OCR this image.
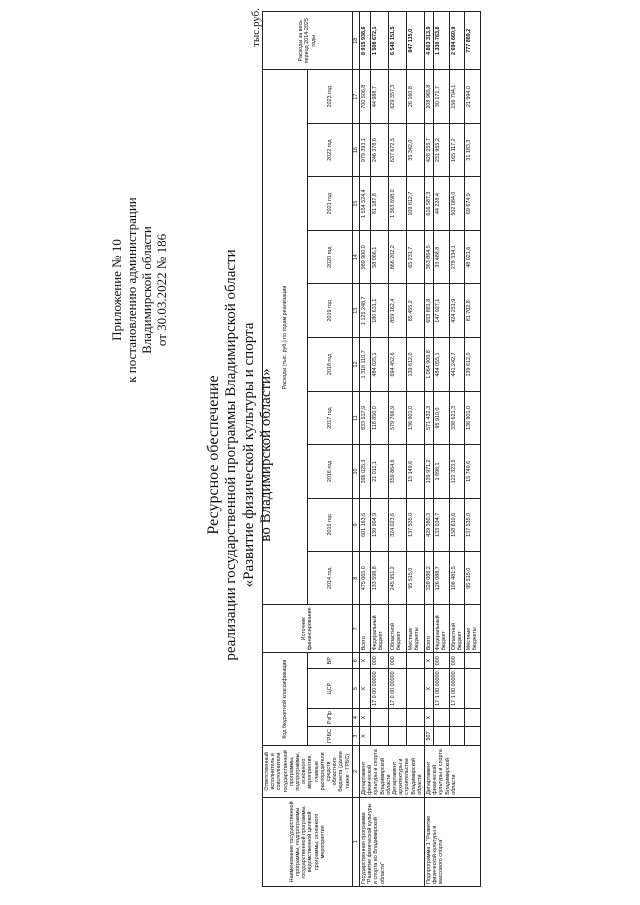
Приложение № 10 к постановлению администрации Владимирской области от 30.03.2022 № 186
Ресурсное обеспечение реализации государственной программы Владимирской области «Развитие физической культуры и спорта во Владимирской области»
тыс.руб.
Наименование государственной программы, подпрограммы государственной программы, ведомственной целевой программы, основного мероприятия	Ответственный исполнитель и соисполнители государственной программы, подпрограммы, основного мероприятия, главные распорядители средств областного бюджета (далее также - ГРБС)	Код бюджетной классификации				Источник финансирования	Расходы (тыс. руб.) по годам реализации										Расходы за весь период 2014-2025 годы
		ГРБС	РзПр	ЦСР	ВР		2014 год	2015 год	2016 год	2017 год	2018 год	2019 год	2020 год	2021 год	2022 год	2023 год	
1	2	3	4	5	6	7	8	9	10	11	12	13	14	15	16	17	18
Государственная программа "Развитие физической культуры и спорта во Владимирской области"	Департамент физической культуры и спорта Владимирской области Департамент архитектуры и строительства Владимирской области	Х	Х	Х	Х	Всего	475 065,0	601 163,6	396 025,3	833 517,9	1 318 110,7	1 125 248,7	989 900,0	1 554 524,4	979 393,1	700 506,8	8 915 938,6
				17 0 00 00000	000	Федеральный бюджет	133 598,8	139 904,9	21 011,1	118 850,0	484 025,1	180 631,1	58 066,1	81 187,8	246 378,6	44 988,7	1 508 672,1
				17 0 00 00000	000	Областной бюджет	245 951,2	324 023,6	359 864,6	579 766,9	694 452,6	859 162,4	866 202,2	1 363 698,0	637 672,5	629 357,3	6 540 151,5
						Местные бюджеты	95 515,0	137 535,0	15 149,6	136 901,0	139 612,0	85 455,2	65 231,7	109 612,7	35 342,0	26 160,8	847 115,0
Подпрограмма 1 "Развитие физической культуры и массового спорта"	Департамент физической культуры и спорта Владимирской области	507	Х	Х	Х	Всего	328 088,2	429 380,3	139 971,2	571 432,3	1 064 909,8	653 881,8	363 864,5	616 587,3	428 255,7	208 965,8	4 803 313,9
				17 1 00 00000	000	Федеральный бюджет	126 088,7	133 034,7	1 898,1	95 910,0	484 055,1	147 927,1	33 488,8	44 228,4	231 955,2	30 171,7	1 330 763,8
				17 1 00 00000	000	Областной бюджет	106 481,5	158 810,6	122 323,5	338 621,3	441 242,7	424 251,9	278 334,1	502 084,0	165 117,2	156 794,1	2 694 660,9
						Местные бюджеты	95 515,0	137 535,0	15 749,6	136 901,0	139 612,0	81 702,8	48 021,6	69 674,9	31 183,3	21 994,0	777 889,2
